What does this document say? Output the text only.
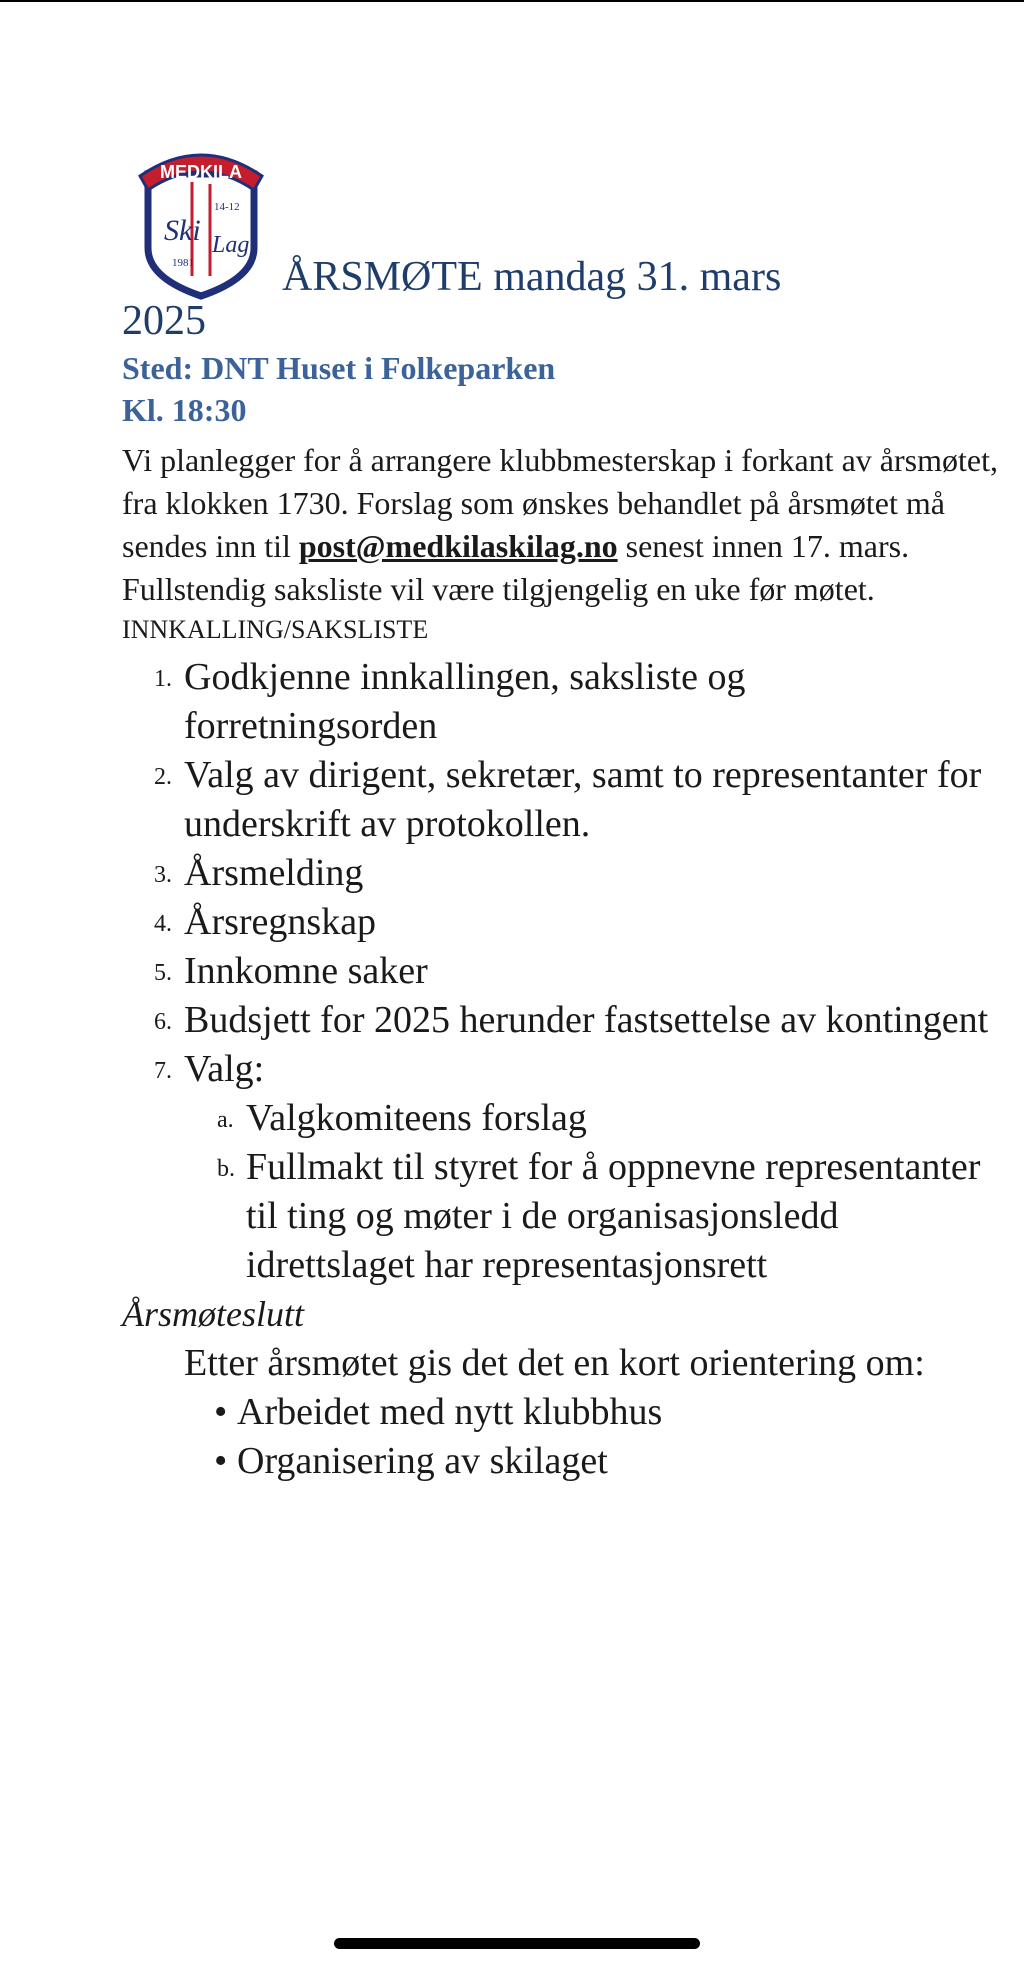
MEDKILA
Ski Lag
14-12
1981 ÅRSMØTE mandag 31. mars
2025
Sted: DNT Huset i Folkeparken
Kl. 18:30
Vi planlegger for å arrangere klubbmesterskap i forkant av årsmøtet, fra klokken 1730. Forslag som ønskes behandlet på årsmøtet må sendes inn til post@medkilaskilag.no senest innen 17. mars. Fullstendig saksliste vil være tilgjengelig en uke før møtet.
INNKALLING/SAKSLISTE
1. Godkjenne innkallingen, saksliste og forretningsorden
2. Valg av dirigent, sekretær, samt to representanter for underskrift av protokollen.
3. Årsmelding
4. Årsregnskap
5. Innkomne saker
6. Budsjett for 2025 herunder fastsettelse av kontingent
7. Valg:
a. Valgkomiteens forslag
b. Fullmakt til styret for å oppnevne representanter til ting og møter i de organisasjonsledd idrettslaget har representasjonsrett
Årsmøteslutt
Etter årsmøtet gis det det en kort orientering om:
• Arbeidet med nytt klubbhus
• Organisering av skilaget
